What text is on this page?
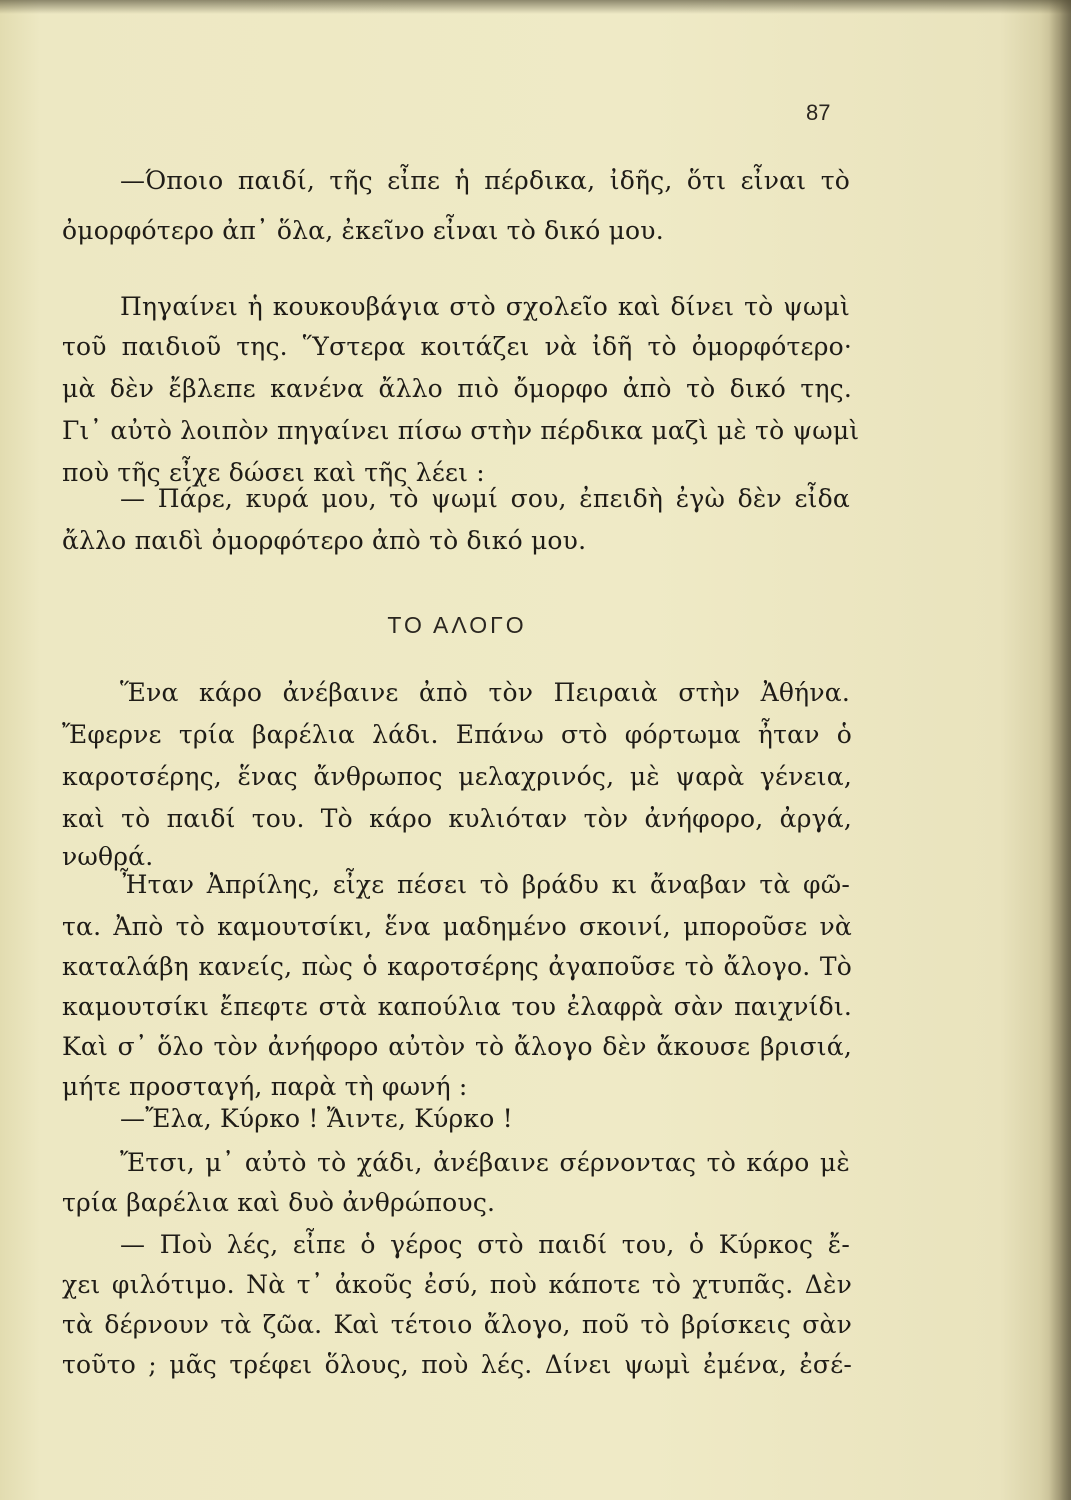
87
—Όποιο παιδί, τῆς εἶπε ἡ πέρδικα, ἰδῆς, ὅτι εἶναι τὸ
ὀμορφότερο ἀπ᾿ ὅλα, ἐκεῖνο εἶναι τὸ δικό μου.
Πηγαίνει ἡ κουκουβάγια στὸ σχολεῖο καὶ δίνει τὸ ψωμὶ
τοῦ παιδιοῦ της. Ὕστερα κοιτάζει νὰ ἰδῆ τὸ ὀμορφότερο·
μὰ δὲν ἔβλεπε κανένα ἄλλο πιὸ ὄμορφο ἀπὸ τὸ δικό της.
Γι᾿ αὐτὸ λοιπὸν πηγαίνει πίσω στὴν πέρδικα μαζὶ μὲ τὸ ψωμὶ
ποὺ τῆς εἶχε δώσει καὶ τῆς λέει :
— Πάρε, κυρά μου, τὸ ψωμί σου, ἐπειδὴ ἐγὼ δὲν εἶδα
ἄλλο παιδὶ ὀμορφότερο ἀπὸ τὸ δικό μου.
ΤΟ ΑΛΟΓΟ
Ἕνα κάρο ἀνέβαινε ἀπὸ τὸν Πειραιὰ στὴν Ἀθήνα.
Ἔφερνε τρία βαρέλια λάδι. Επάνω στὸ φόρτωμα ἦταν ὁ
καροτσέρης, ἕνας ἄνθρωπος μελαχρινός, μὲ ψαρὰ γένεια,
καὶ τὸ παιδί του. Τὸ κάρο κυλιόταν τὸν ἀνήφορο, ἀργά,
νωθρά.
Ἦταν Ἀπρίλης, εἶχε πέσει τὸ βράδυ κι ἄναβαν τὰ φῶ-
τα. Ἀπὸ τὸ καμουτσίκι, ἕνα μαδημένο σκοινί, μποροῦσε νὰ
καταλάβη κανείς, πὼς ὁ καροτσέρης ἀγαποῦσε τὸ ἄλογο. Τὸ
καμουτσίκι ἔπεφτε στὰ καπούλια του ἐλαφρὰ σὰν παιχνίδι.
Καὶ σ᾿ ὅλο τὸν ἀνήφορο αὐτὸν τὸ ἄλογο δὲν ἄκουσε βρισιά,
μήτε προσταγή, παρὰ τὴ φωνή :
—Ἔλα, Κύρκο ! Ἄιντε, Κύρκο !
Ἔτσι, μ᾿ αὐτὸ τὸ χάδι, ἀνέβαινε σέρνοντας τὸ κάρο μὲ
τρία βαρέλια καὶ δυὸ ἀνθρώπους.
— Ποὺ λές, εἶπε ὁ γέρος στὸ παιδί του, ὁ Κύρκος ἔ-
χει φιλότιμο. Νὰ τ᾿ ἀκοῦς ἐσύ, ποὺ κάποτε τὸ χτυπᾶς. Δὲν
τὰ δέρνουν τὰ ζῶα. Καὶ τέτοιο ἄλογο, ποῦ τὸ βρίσκεις σὰν
τοῦτο ; μᾶς τρέφει ὅλους, ποὺ λές. Δίνει ψωμὶ ἐμένα, ἐσέ-
